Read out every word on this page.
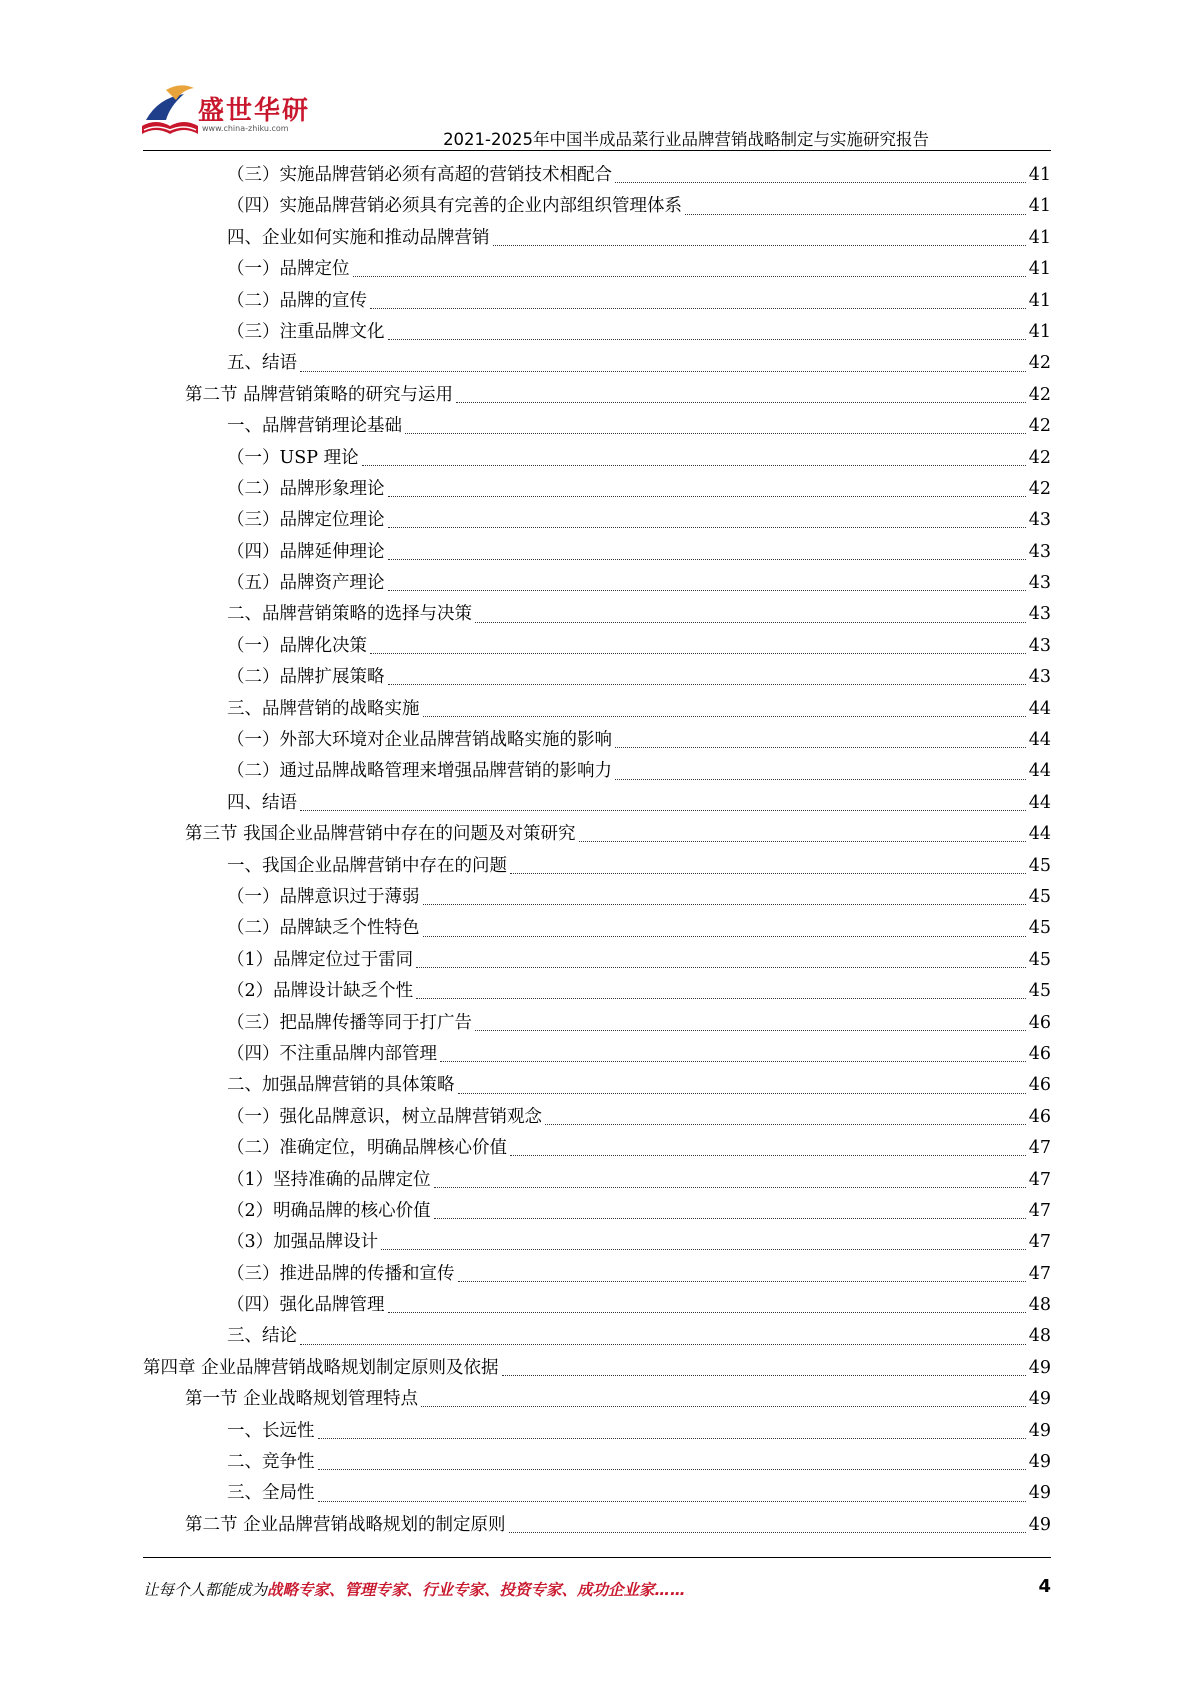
盛世华研
www.china-zhiku.com
2021-2025年中国半成品菜行业品牌营销战略制定与实施研究报告
（三）实施品牌营销必须有高超的营销技术相配合	41
（四）实施品牌营销必须具有完善的企业内部组织管理体系	41
四、企业如何实施和推动品牌营销	41
（一）品牌定位	41
（二）品牌的宣传	41
（三）注重品牌文化	41
五、结语	42
第二节 品牌营销策略的研究与运用	42
一、品牌营销理论基础	42
（一）USP 理论	42
（二）品牌形象理论	42
（三）品牌定位理论	43
（四）品牌延伸理论	43
（五）品牌资产理论	43
二、品牌营销策略的选择与决策	43
（一）品牌化决策	43
（二）品牌扩展策略	43
三、品牌营销的战略实施	44
（一）外部大环境对企业品牌营销战略实施的影响	44
（二）通过品牌战略管理来增强品牌营销的影响力	44
四、结语	44
第三节 我国企业品牌营销中存在的问题及对策研究	44
一、我国企业品牌营销中存在的问题	45
（一）品牌意识过于薄弱	45
（二）品牌缺乏个性特色	45
（1）品牌定位过于雷同	45
（2）品牌设计缺乏个性	45
（三）把品牌传播等同于打广告	46
（四）不注重品牌内部管理	46
二、加强品牌营销的具体策略	46
（一）强化品牌意识，树立品牌营销观念	46
（二）准确定位，明确品牌核心价值	47
（1）坚持准确的品牌定位	47
（2）明确品牌的核心价值	47
（3）加强品牌设计	47
（三）推进品牌的传播和宣传	47
（四）强化品牌管理	48
三、结论	48
第四章 企业品牌营销战略规划制定原则及依据	49
第一节 企业战略规划管理特点	49
一、长远性	49
二、竞争性	49
三、全局性	49
第二节 企业品牌营销战略规划的制定原则	49
让每个人都能成为战略专家、管理专家、行业专家、投资专家、成功企业家……	4
